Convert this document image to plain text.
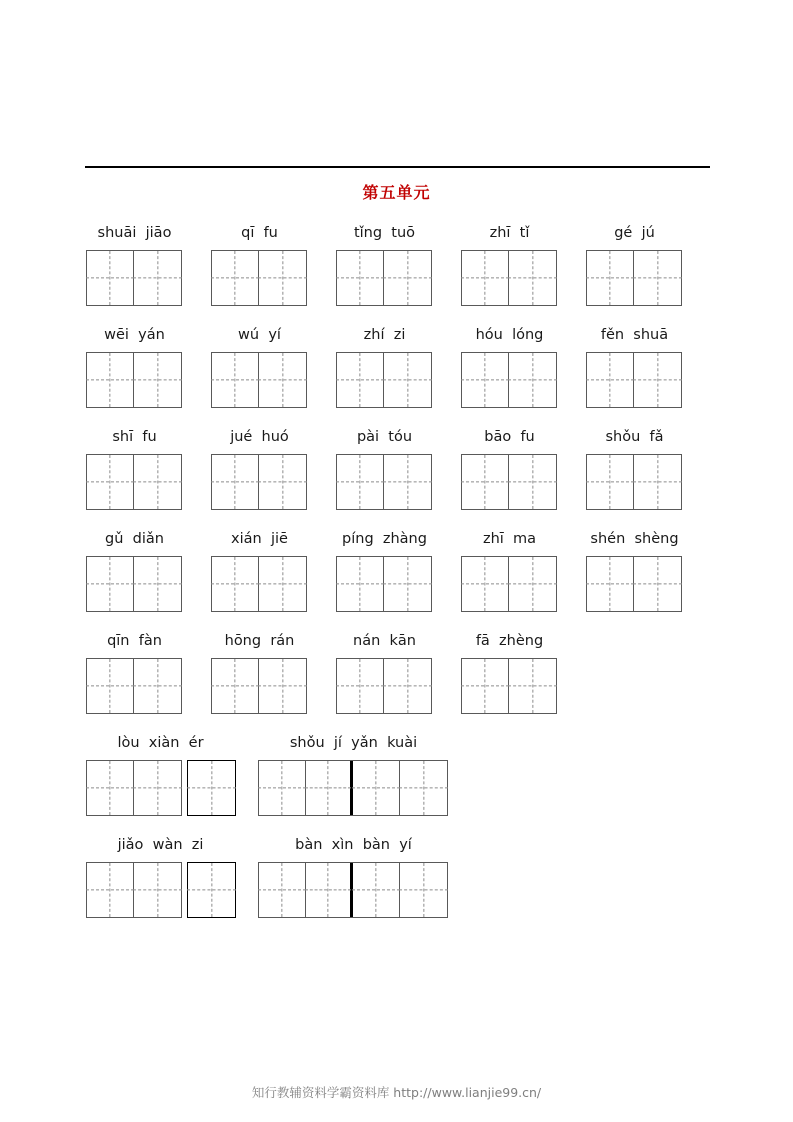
第五单元
shuāi jiāo	qī fu	tǐng tuō	zhī tǐ	gé jú
wēi yán	wú yí	zhí zi	hóu lóng	fěn shuā
shī fu	jué huó	pài tóu	bāo fu	shǒu fǎ
gǔ diǎn	xián jiē	píng zhàng	zhī ma	shén shèng
qīn fàn	hōng rán	nán kān	fā zhèng
lòu xiàn ér	shǒu jí yǎn kuài
jiǎo wàn zi	bàn xìn bàn yí
知行教辅资料学霸资料库 http://www.lianjie99.cn/
